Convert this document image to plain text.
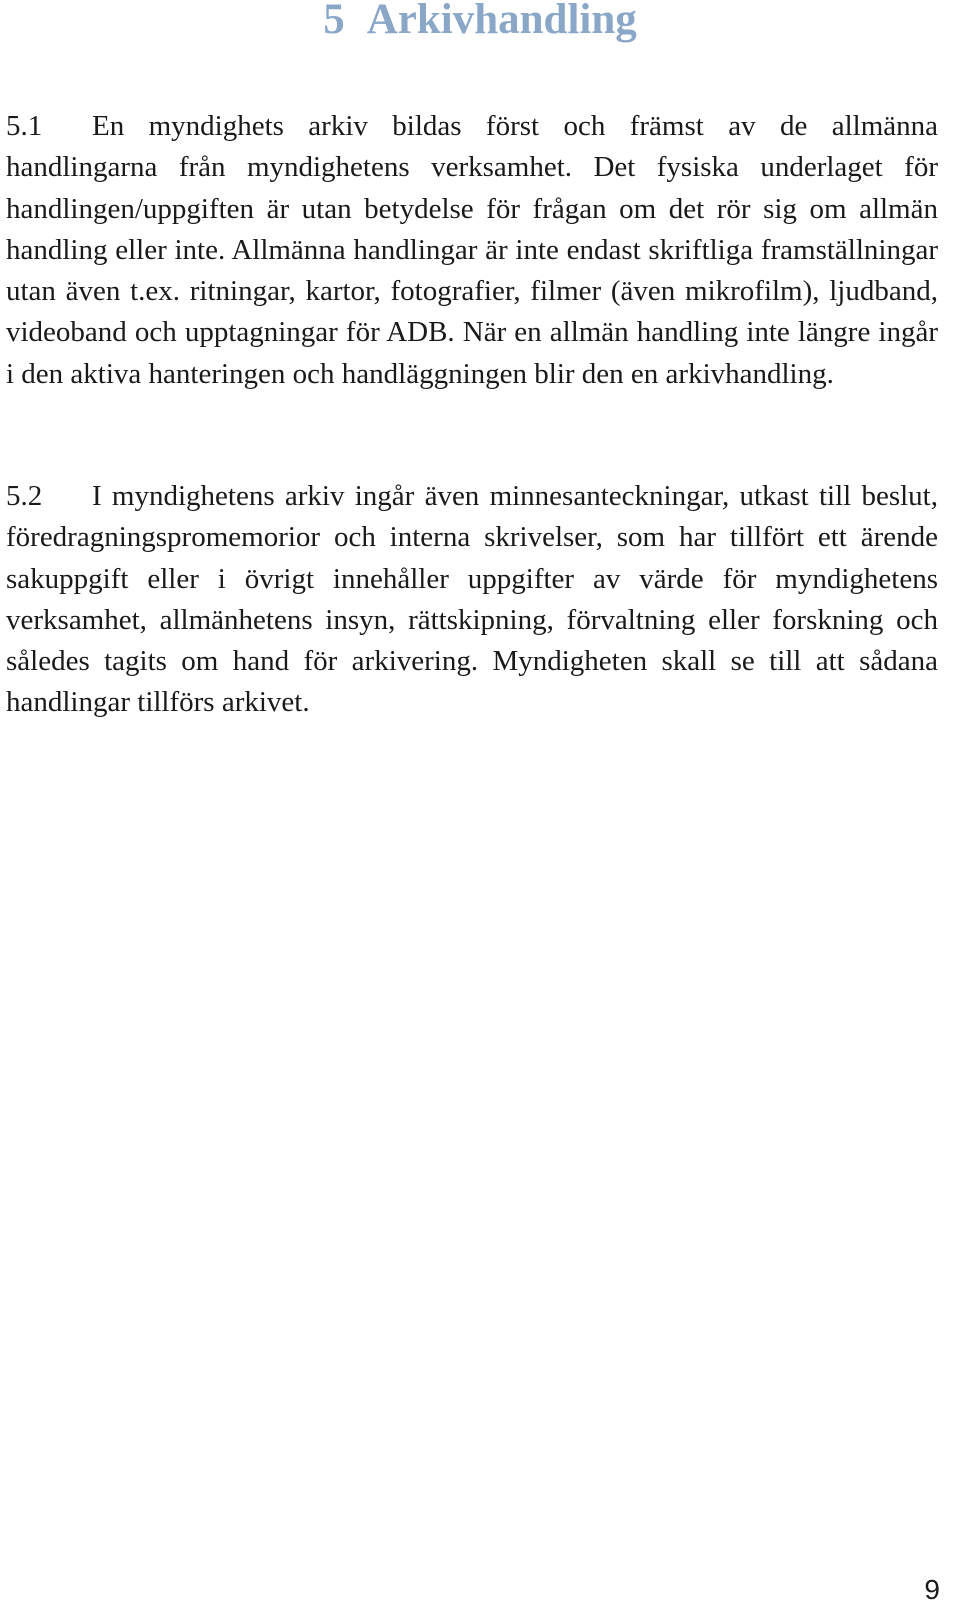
5 Arkivhandling

5.1 En myndighets arkiv bildas först och främst av de allmänna handlingarna från myndighetens verksamhet. Det fysiska underlaget för handlingen/uppgiften är utan betydelse för frågan om det rör sig om allmän handling eller inte. Allmänna handlingar är inte endast skriftliga framställningar utan även t.ex. ritningar, kartor, fotografier, filmer (även mikrofilm), ljudband, videoband och upptagningar för ADB. När en allmän handling inte längre ingår i den aktiva hanteringen och handläggningen blir den en arkivhandling.

5.2 I myndighetens arkiv ingår även minnesanteckningar, utkast till beslut, föredragningspromemorior och interna skrivelser, som har tillfört ett ärende sakuppgift eller i övrigt innehåller uppgifter av värde för myndighetens verksamhet, allmänhetens insyn, rättskipning, förvaltning eller forskning och således tagits om hand för arkivering. Myndigheten skall se till att sådana handlingar tillförs arkivet.

9
